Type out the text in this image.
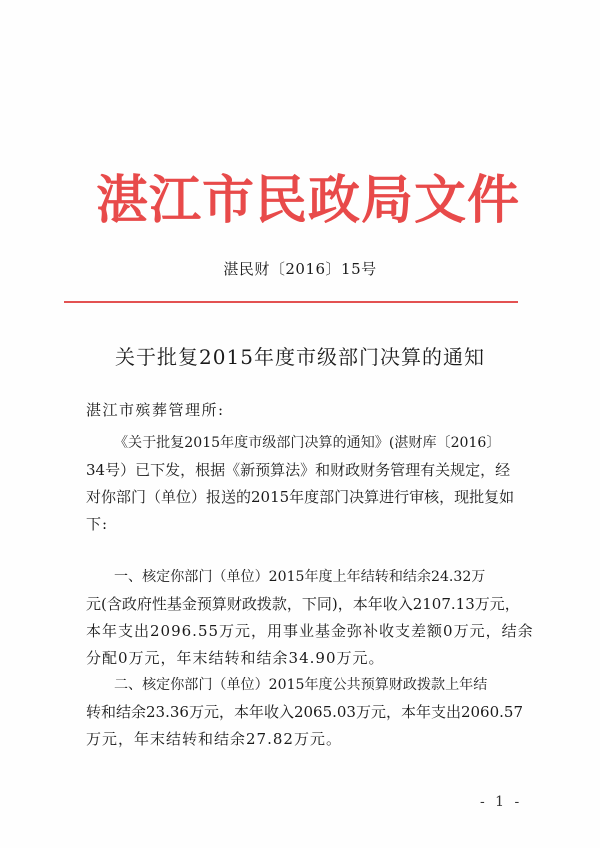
湛江市民政局文件
湛民财〔2016〕15号
关于批复2015年度市级部门决算的通知
湛江市殡葬管理所:
《关于批复2015年度市级部门决算的通知》(湛财库〔2016〕
34号）已下发，根据《新预算法》和财政财务管理有关规定，经
对你部门（单位）报送的2015年度部门决算进行审核，现批复如
下:
一、核定你部门（单位）2015年度上年结转和结余24.32万
元(含政府性基金预算财政拨款，下同)，本年收入2107.13万元，
本年支出2096.55万元，用事业基金弥补收支差额0万元，结余
分配0万元，年末结转和结余34.90万元。
二、核定你部门（单位）2015年度公共预算财政拨款上年结
转和结余23.36万元，本年收入2065.03万元，本年支出2060.57
万元，年末结转和结余27.82万元。
- 1 -
